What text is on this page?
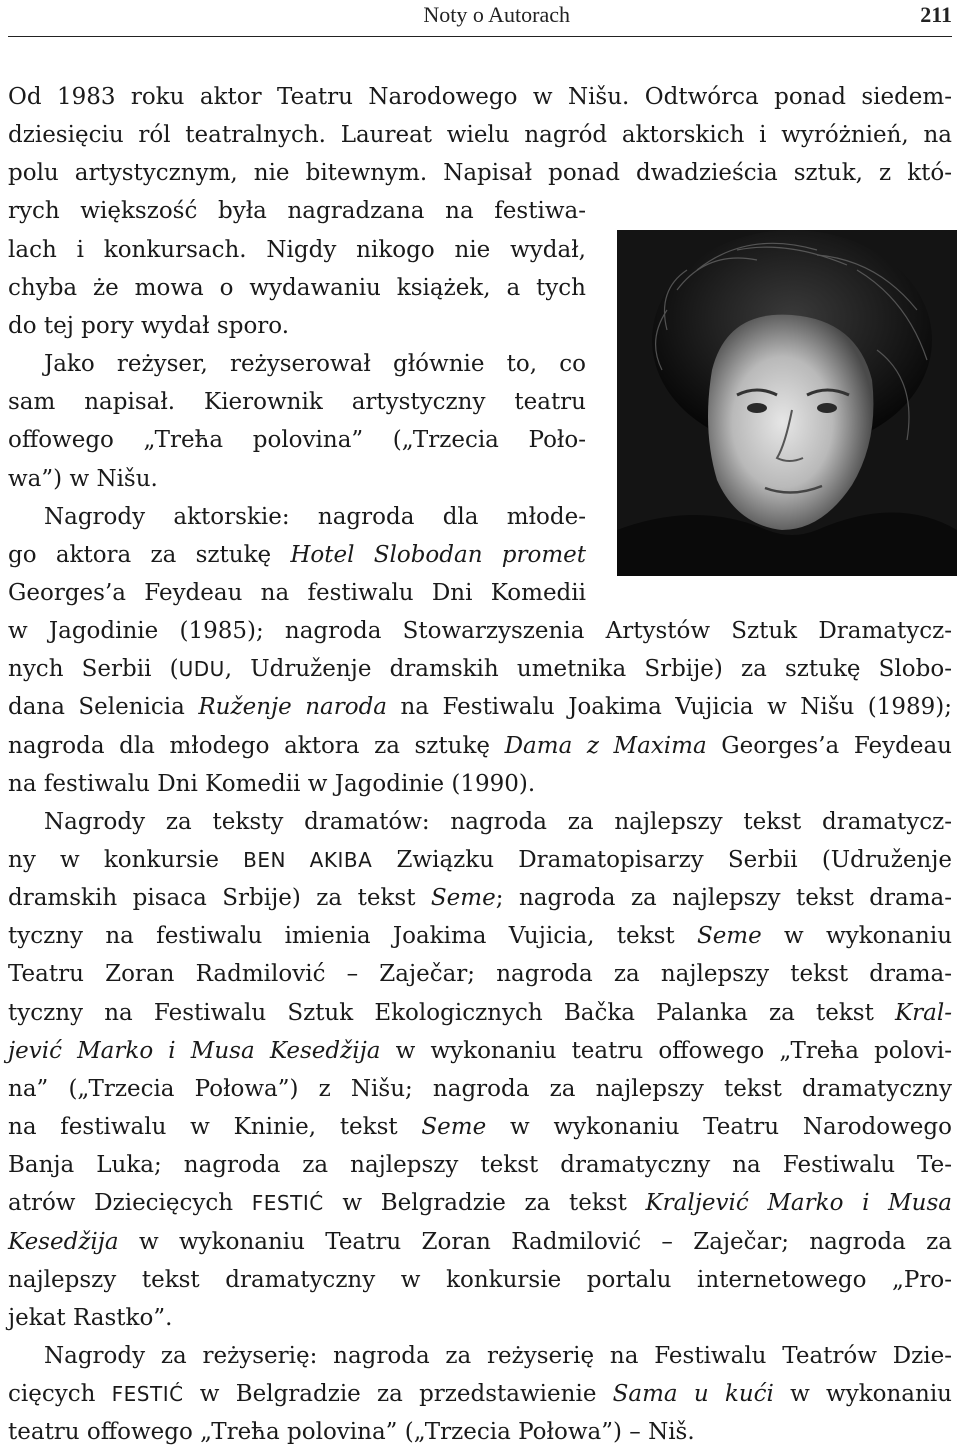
Noty o Autorach	211
Od 1983 roku aktor Teatru Narodowego w Nišu. Odtwórca ponad siedem-
dziesięciu ról teatralnych. Laureat wielu nagród aktorskich i wyróżnień, na
polu artystycznym, nie bitewnym. Napisał ponad dwadzieścia sztuk, z któ-
rych większość była nagradzana na festiwa-
lach i konkursach. Nigdy nikogo nie wydał,
chyba że mowa o wydawaniu książek, a tych
do tej pory wydał sporo.
Jako reżyser, reżyserował głównie to, co
sam napisał. Kierownik artystyczny teatru
offowego „Trећa polovina” („Trzecia Poło-
wa”) w Nišu.
Nagrody aktorskie: nagroda dla młode-
go aktora za sztukę Hotel Slobodan promet
Georges’a Feydeau na festiwalu Dni Komedii
w Jagodinie (1985); nagroda Stowarzyszenia Artystów Sztuk Dramatycz-
nych Serbii (UDU, Udruženje dramskih umetnika Srbije) za sztukę Slobo-
dana Selenicia Ruženje naroda na Festiwalu Joakima Vujicia w Nišu (1989);
nagroda dla młodego aktora za sztukę Dama z Maxima Georges’a Feydeau
na festiwalu Dni Komedii w Jagodinie (1990).
Nagrody za teksty dramatów: nagroda za najlepszy tekst dramatycz-
ny w konkursie BEN AKIBA Związku Dramatopisarzy Serbii (Udruženje
dramskih pisaca Srbije) za tekst Seme; nagroda za najlepszy tekst drama-
tyczny na festiwalu imienia Joakima Vujicia, tekst Seme w wykonaniu
Teatru Zoran Radmilović – Zaječar; nagroda za najlepszy tekst drama-
tyczny na Festiwalu Sztuk Ekologicznych Bačka Palanka za tekst Kral-
jević Marko i Musa Kesedžija w wykonaniu teatru offowego „Trећa polovi-
na” („Trzecia Połowa”) z Nišu; nagroda za najlepszy tekst dramatyczny
na festiwalu w Kninie, tekst Seme w wykonaniu Teatru Narodowego
Banja Luka; nagroda za najlepszy tekst dramatyczny na Festiwalu Te-
atrów Dziecięcych FESTIĆ w Belgradzie za tekst Kraljević Marko i Musa
Kesedžija w wykonaniu Teatru Zoran Radmilović – Zaječar; nagroda za
najlepszy tekst dramatyczny w konkursie portalu internetowego „Pro-
jekat Rastko”.
Nagrody za reżyserię: nagroda za reżyserię na Festiwalu Teatrów Dzie-
cięcych FESTIĆ w Belgradzie za przedstawienie Sama u kući w wykonaniu
teatru offowego „Trећa polovina” („Trzecia Połowa”) – Niš.
